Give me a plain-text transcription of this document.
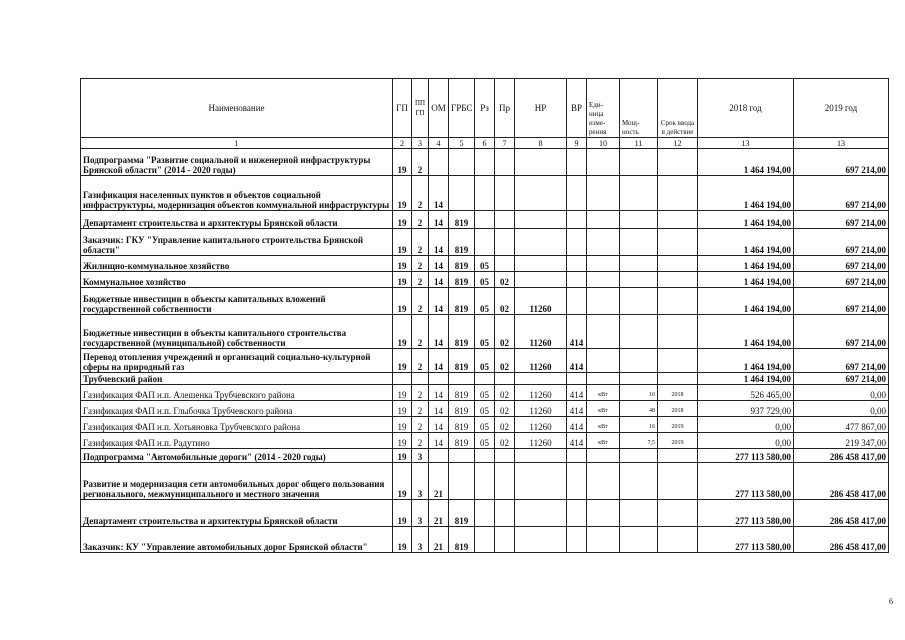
Наименование	ГП	ППГП	ОМ	ГРБС	Рз	Пр	НР	ВР	Еди-ница изме-рения	Мощ-ность	Срок ввода в действие	2018 год	2019 год
1	2	3	4	5	6	7	8	9	10	11	12	13	13
Подпрограмма "Развитие социальной и инженерной инфраструктуры Брянской области" (2014 - 2020 годы)	19	2										1 464 194,00	697 214,00
Газификация населенных пунктов и объектов социальной инфраструктуры, модернизация объектов коммунальной инфраструктуры	19	2	14									1 464 194,00	697 214,00
Департамент строительства и архитектуры Брянской области	19	2	14	819								1 464 194,00	697 214,00
Заказчик: ГКУ "Управление капитального строительства Брянской области"	19	2	14	819								1 464 194,00	697 214,00
Жилищно-коммунальное хозяйство	19	2	14	819	05							1 464 194,00	697 214,00
Коммунальное хозяйство	19	2	14	819	05	02						1 464 194,00	697 214,00
Бюджетные инвестиции в объекты капитальных вложений государственной собственности	19	2	14	819	05	02	11260					1 464 194,00	697 214,00
Бюджетные инвестиции в объекты капитального строительства государственной (муниципальной) собственности	19	2	14	819	05	02	11260	414				1 464 194,00	697 214,00
Перевод отопления учреждений и организаций социально-культурной сферы на природный газ	19	2	14	819	05	02	11260	414				1 464 194,00	697 214,00
Трубчевский район												1 464 194,00	697 214,00
Газификация ФАП н.п. Алешенка Трубчевского района	19	2	14	819	05	02	11260	414	кВт	10	2018	526 465,00	0,00
Газификация ФАП н.п. Глыбочка Трубчевского района	19	2	14	819	05	02	11260	414	кВт	48	2018	937 729,00	0,00
Газификация ФАП н.п. Хотьяновка Трубчевского района	19	2	14	819	05	02	11260	414	кВт	16	2019	0,00	477 867,00
Газификация ФАП н.п. Радутино	19	2	14	819	05	02	11260	414	кВт	7,5	2019	0,00	219 347,00
Подпрограмма "Автомобильные дороги" (2014 - 2020 годы)	19	3										277 113 580,00	286 458 417,00
Развитие и модернизация сети автомобильных дорог общего пользования регионального, межмуниципального и местного значения	19	3	21									277 113 580,00	286 458 417,00
Департамент строительства и архитектуры Брянской области	19	3	21	819								277 113 580,00	286 458 417,00
Заказчик: КУ "Управление автомобильных дорог Брянской области"	19	3	21	819								277 113 580,00	286 458 417,00
6
